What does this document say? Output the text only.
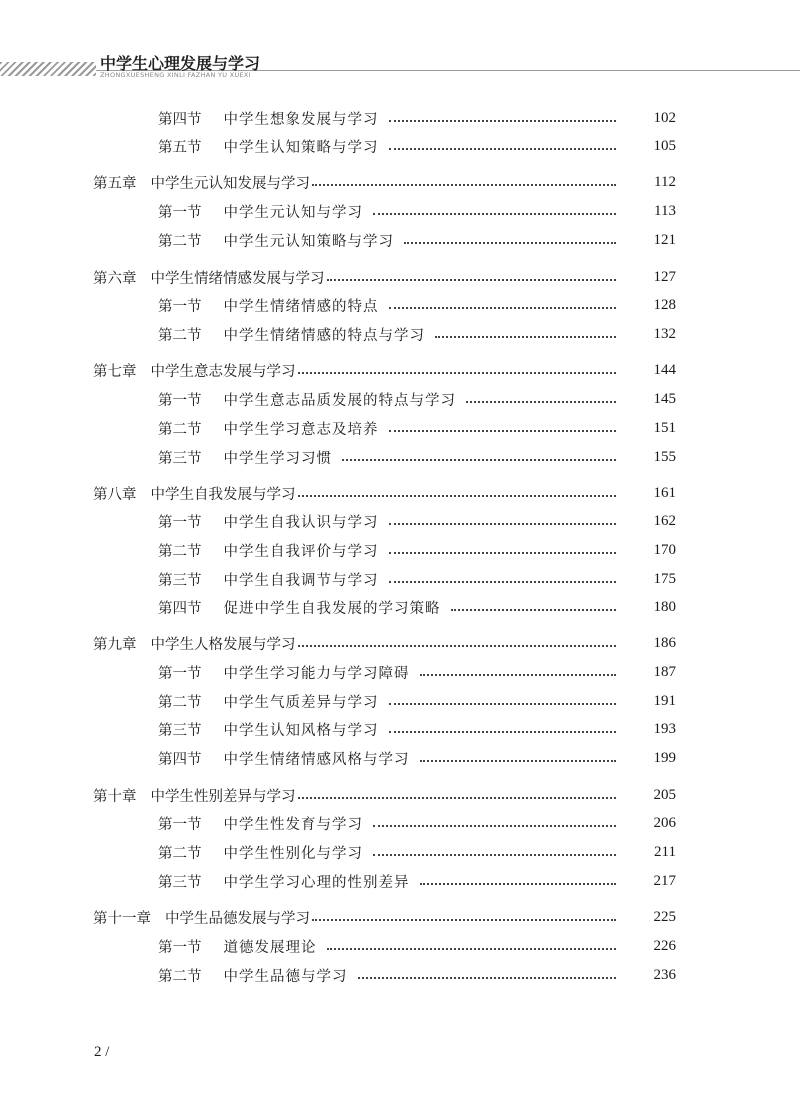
中学生心理发展与学习
ZHONGXUESHENG XINLI FAZHAN YU XUEXI
第四节 中学生想象发展与学习	102
第五节 中学生认知策略与学习	105
第五章 中学生元认知发展与学习	112
第一节 中学生元认知与学习	113
第二节 中学生元认知策略与学习	121
第六章 中学生情绪情感发展与学习	127
第一节 中学生情绪情感的特点	128
第二节 中学生情绪情感的特点与学习	132
第七章 中学生意志发展与学习	144
第一节 中学生意志品质发展的特点与学习	145
第二节 中学生学习意志及培养	151
第三节 中学生学习习惯	155
第八章 中学生自我发展与学习	161
第一节 中学生自我认识与学习	162
第二节 中学生自我评价与学习	170
第三节 中学生自我调节与学习	175
第四节 促进中学生自我发展的学习策略	180
第九章 中学生人格发展与学习	186
第一节 中学生学习能力与学习障碍	187
第二节 中学生气质差异与学习	191
第三节 中学生认知风格与学习	193
第四节 中学生情绪情感风格与学习	199
第十章 中学生性别差异与学习	205
第一节 中学生性发育与学习	206
第二节 中学生性别化与学习	211
第三节 中学生学习心理的性别差异	217
第十一章 中学生品德发展与学习	225
第一节 道德发展理论	226
第二节 中学生品德与学习	236
2 /
